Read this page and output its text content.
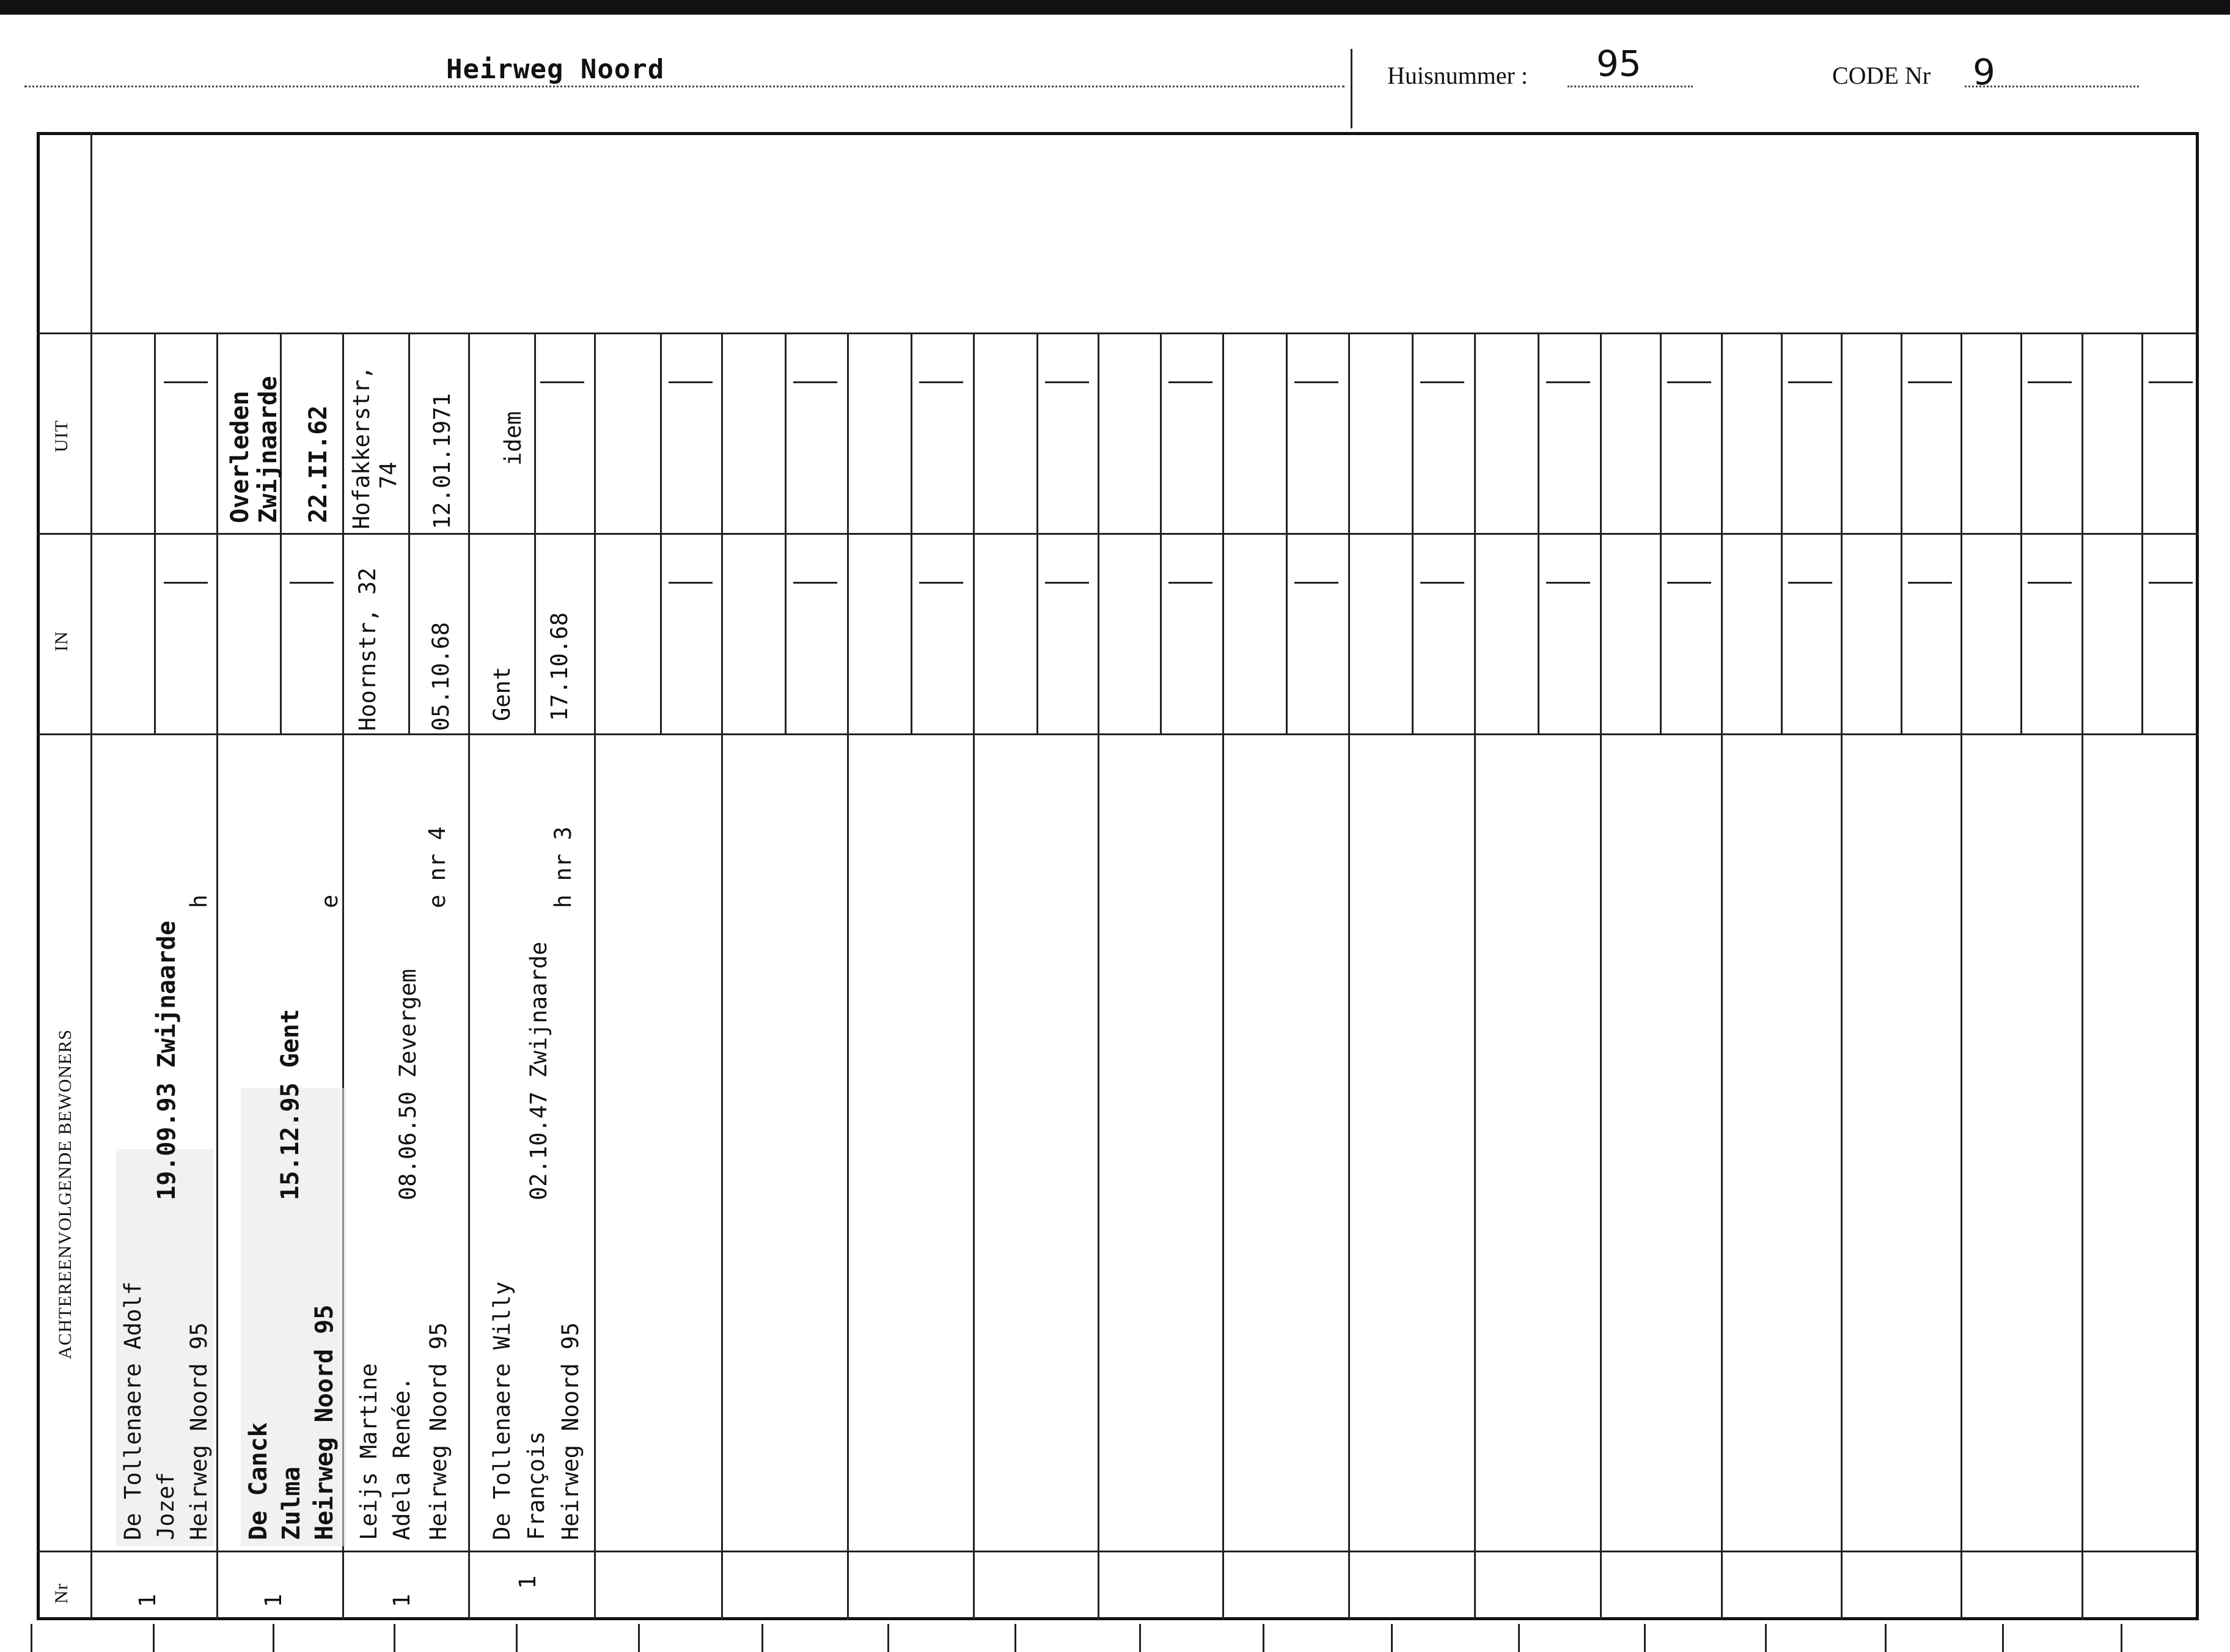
Heirweg Noord	Huisnummer : 95	CODE Nr 9
UIT
IN
ACHTEREENVOLGENDE BEWONERS
Nr
De Tollenaere Adolf Jozef Heirweg Noord 95
19.09.93 Zwijnaarde
h
1
De Canck Zulma Heirweg Noord 95
15.12.95 Gent
e
1
Overleden Zwijnaarde 22.II.62
Leijs Martine Adela Renée. Heirweg Noord 95
08.06.50 Zevergem
e nr 4
1
Hoornstr, 32 05.10.68
Hofakkerstr, 74 12.01.1971
De Tollenaere Willy François Heirweg Noord 95
02.10.47 Zwijnaarde
h nr 3
1
Gent 17.10.68
idem
